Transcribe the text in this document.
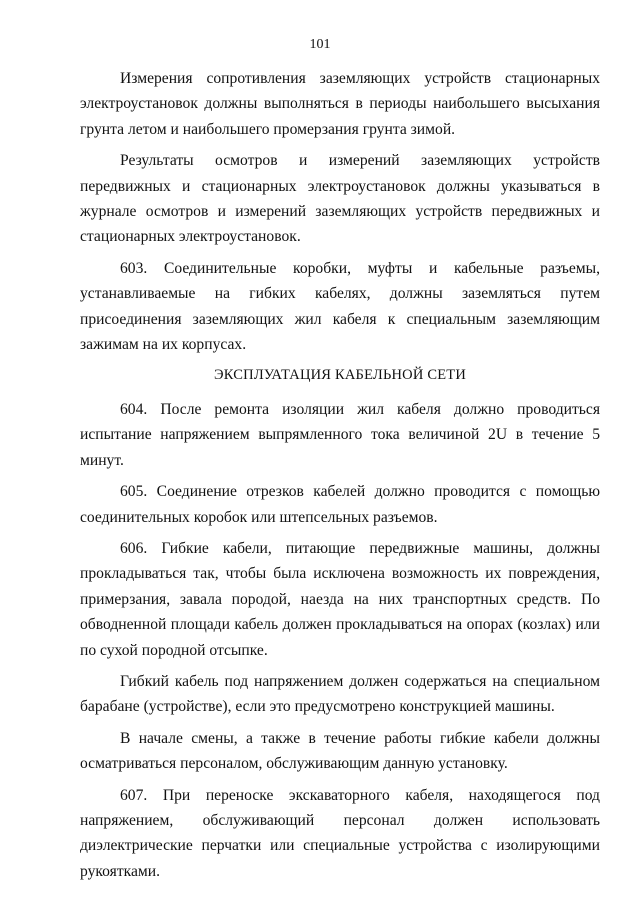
101

Измерения сопротивления заземляющих устройств стационарных электроустановок должны выполняться в периоды наибольшего высыхания грунта летом и наибольшего промерзания грунта зимой.

Результаты осмотров и измерений заземляющих устройств передвижных и стационарных электроустановок должны указываться в журнале осмотров и измерений заземляющих устройств передвижных и стационарных электроустановок.

603. Соединительные коробки, муфты и кабельные разъемы, устанавливаемые на гибких кабелях, должны заземляться путем присоединения заземляющих жил кабеля к специальным заземляющим зажимам на их корпусах.

ЭКСПЛУАТАЦИЯ КАБЕЛЬНОЙ СЕТИ

604. После ремонта изоляции жил кабеля должно проводиться испытание напряжением выпрямленного тока величиной 2U в течение 5 минут.

605. Соединение отрезков кабелей должно проводится с помощью соединительных коробок или штепсельных разъемов.

606. Гибкие кабели, питающие передвижные машины, должны прокладываться так, чтобы была исключена возможность их повреждения, примерзания, завала породой, наезда на них транспортных средств. По обводненной площади кабель должен прокладываться на опорах (козлах) или по сухой породной отсыпке.

Гибкий кабель под напряжением должен содержаться на специальном барабане (устройстве), если это предусмотрено конструкцией машины.

В начале смены, а также в течение работы гибкие кабели должны осматриваться персоналом, обслуживающим данную установку.

607. При переноске экскаваторного кабеля, находящегося под напряжением, обслуживающий персонал должен использовать диэлектрические перчатки или специальные устройства с изолирующими рукоятками.
